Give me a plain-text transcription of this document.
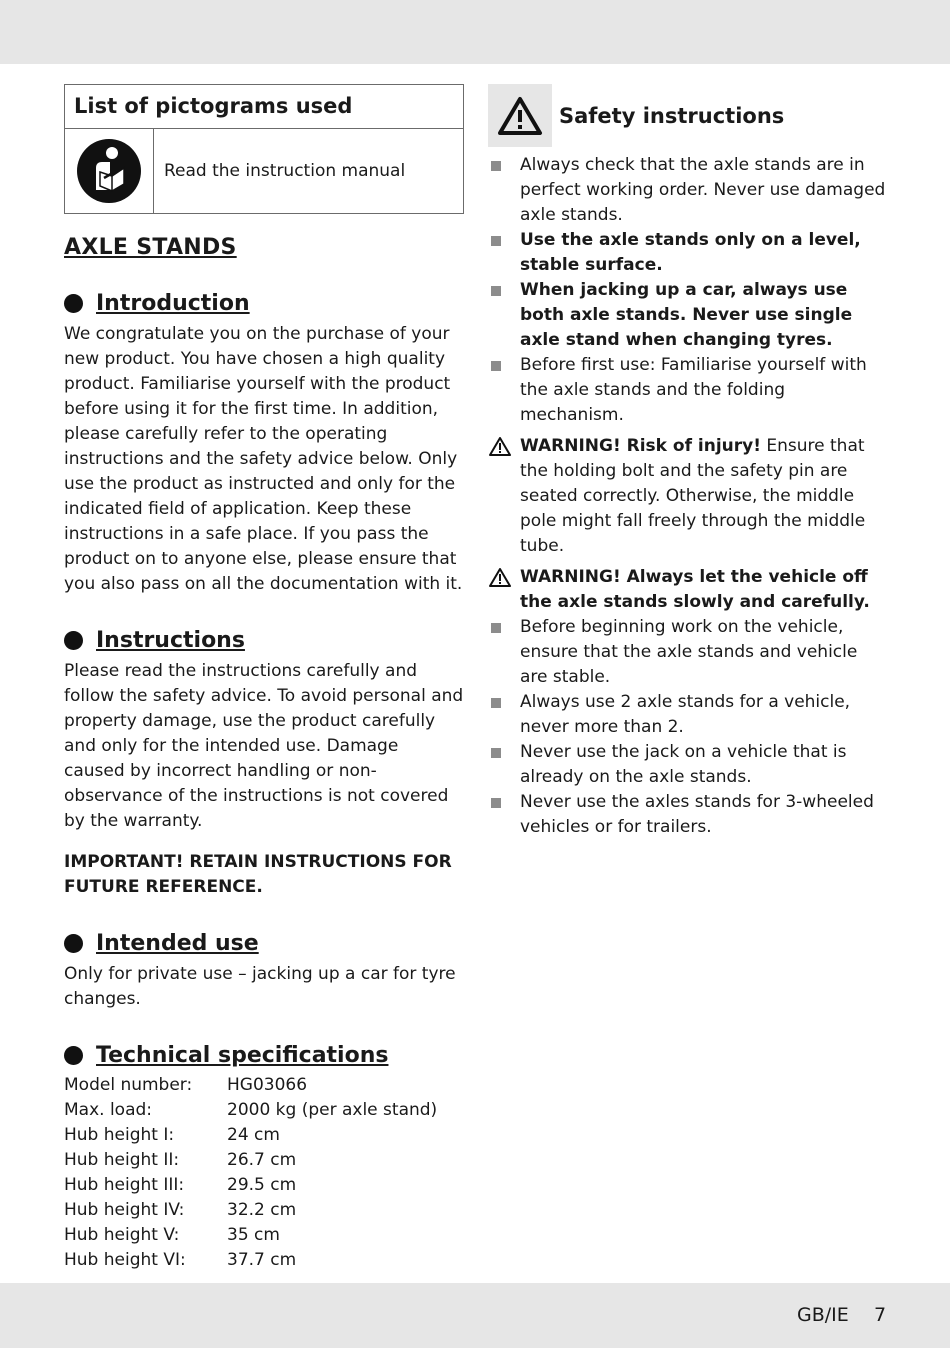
List of pictograms used
Read the instruction manual
AXLE STANDS
Introduction

We congratulate you on the purchase of your new product. You have chosen a high quality product. Familiarise yourself with the product before using it for the first time. In addition, please carefully refer to the operating instructions and the safety advice below. Only use the product as instructed and only for the indicated field of application. Keep these instructions in a safe place. If you pass the product on to anyone else, please ensure that you also pass on all the documentation with it.

Instructions

Please read the instructions carefully and follow the safety advice. To avoid personal and property damage, use the product carefully and only for the intended use. Damage caused by incorrect handling or non-observance of the instructions is not covered by the warranty.

IMPORTANT! RETAIN INSTRUCTIONS FOR FUTURE REFERENCE.

Intended use

Only for private use – jacking up a car for tyre changes.

Technical specifications
Model number:	HG03066
Max. load:	2000 kg (per axle stand)
Hub height I:	24 cm
Hub height II:	26.7 cm
Hub height III:	29.5 cm
Hub height IV:	32.2 cm
Hub height V:	35 cm
Hub height VI:	37.7 cm
Safety instructions
Always check that the axle stands are in perfect working order. Never use damaged axle stands.
Use the axle stands only on a level, stable surface.
When jacking up a car, always use both axle stands. Never use single axle stand when changing tyres.
Before first use: Familiarise yourself with the axle stands and the folding mechanism.
WARNING! Risk of injury! Ensure that the holding bolt and the safety pin are seated correctly. Otherwise, the middle pole might fall freely through the middle tube.
WARNING! Always let the vehicle off the axle stands slowly and carefully.
Before beginning work on the vehicle, ensure that the axle stands and vehicle are stable.
Always use 2 axle stands for a vehicle, never more than 2.
Never use the jack on a vehicle that is already on the axle stands.
Never use the axles stands for 3-wheeled vehicles or for trailers.
GB/IE 7
